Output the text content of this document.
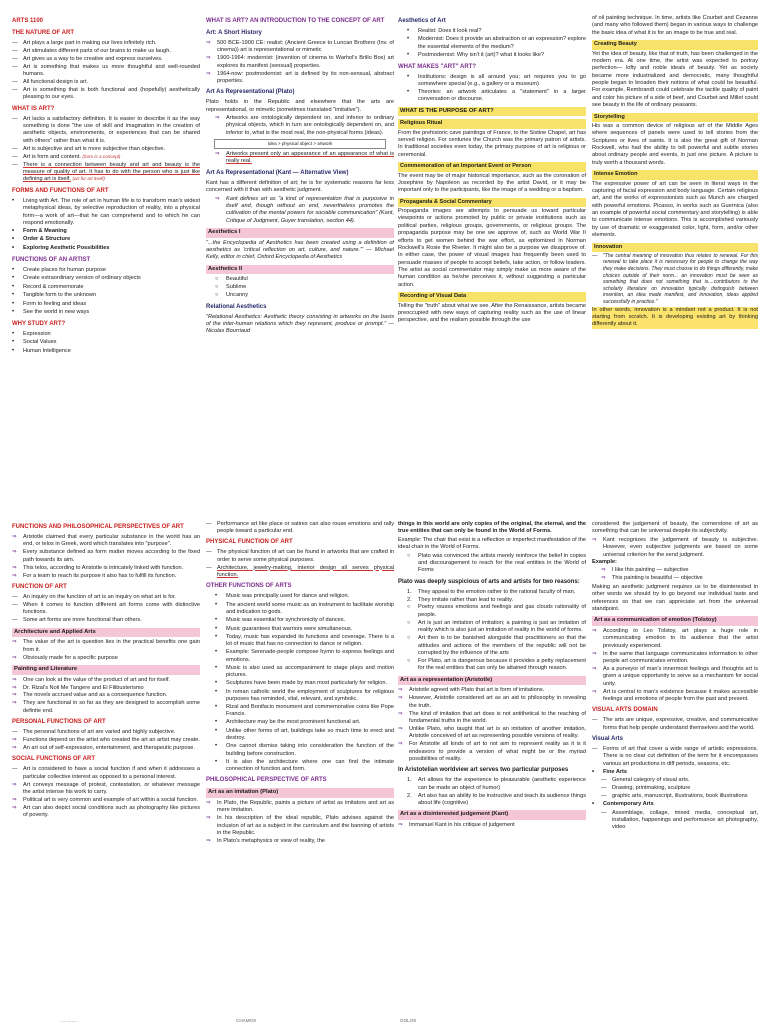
ARTS 1100
THE NATURE OF ART
— Art plays a large part in making our lives infinitely rich.
— Art stimulates different parts of our brains to make us laugh.
— Art gives us a way to be creative and express ourselves.
— Art is something that makes us more thoughtful and well-rounded humans.
— All functional design is art.
— Art is something that is both functional and (hopefully) aesthetically pleasing to our eyes.
WHAT IS ART?
— Art lacks a satisfactory definition. It is easier to describe it as the way something is done "the use of skill and imagination in the creation of aesthetic objects, environments, or experiences that can be shared with others" rather than what it is.
— Art is subjective and art is more subjective than objective.
— Art is form and content. (form is a concept)
— There is a connection between beauty and art and beauty is the measure of quality of art. It has to do with the person who is just like defining art is itself. (art for art itself)
FORMS AND FUNCTIONS OF ART
•	Living with Art. The role of art in human life is to transform man's widest metaphysical ideas, by selective reproduction of reality, into a physical form—a work of art—that he can comprehend and to which he can respond emotionally.
•	Form & Meaning
•	Order & Structure
•	Exploring Aesthetic Possibilities
FUNCTIONS OF AN ARTIST
•	Create places for human purpose
•	Create extraordinary version of ordinary objects
•	Record & commemorate
•	Tangible form to the unknown
•	Form to feeling and ideas
•	See the world in new ways
WHY STUDY ART?
•	Expression
•	Social Values
•	Human Intelligence
WHAT IS ART? AN INTRODUCTION TO THE CONCEPT OF ART
Art: A Short History
⇒	500 BCE-1900 CE: realist: (Ancient Greece to Luncan Brothers (Inv. of cinema)) art is representational or mimetic
⇒	1900-1964: modernist: (invention of cinema to Warhol's Brillo Box) art explores its manifest (sensual) properties.
⇒	1964-now: postmodernist: art is defined by its non-sensual, abstract properties.
Art As Representational (Plato)
Plato holds in the Republic and elsewhere that the arts are representational, or mimetic (sometimes translated "imitative").
⇒	Artworks are ontologically dependent on, and inferior to ordinary physical objects, which in turn are ontologically dependent on, and inferior to, what is the most real, the non-physical forms (ideas).
Idea > physical object > artwork
⇒	Artworks present only an appearance of an appearance of what is really real.
Art As Representational (Kant — Alternative View)
Kant has a different definition of art; he is for systematic reasons far less concerned with it than with aesthetic judgment.
⇒	Kant defines art as "a kind of representation that is purposive in itself and, though without an end, nevertheless promotes the cultivation of the mental powers for sociable communication" (Kant, Critique of Judgment, Guyer translation, section 44).
Aesthetics I
"...the Encyclopedia of Aesthetics has been created using a definition of aesthetics as 'critical reflection on art, culture, and nature.'" — Michael Kelly, editor in chief, Oxford Encyclopedia of Aesthetics
Aesthetics II
○	Beautiful
○	Sublime
○	Uncanny
Relational Aesthetics
"Relational Aesthetics: Aesthetic theory consisting in artworks on the basis of the inter-human relations which they represent, produce or prompt." — Nicolas Bourriaud
Aesthetics of Art
•	Realist: Does it look real?
•	Modernist: Does it provide an abstraction or an expression? explore the essential elements of the medium?
•	Postmodernist: Why isn't it (art)? what it looks like?
WHAT MAKES "ART" ART?
•	Institutions: design is all around you; art requires you to go somewhere special (e.g., a gallery or a museum)
•	Theories: an artwork articulates a "statement" in a larger conversation or discourse.
WHAT IS THE PURPOSE OF ART?
Religious Ritual
From the prehistoric cave paintings of France, to the Sistine Chapel, art has served religion. For centuries the Church was the primary patron of artists. In traditional societies even today, the primary purpose of art is religious or ceremonial.
Commemoration of an Important Event or Person
The event may be of major historical importance, such as the coronation of Josephine by Napoleon as recorded by the artist David, or it may be important only to the participants, like the image of a wedding or a baptism.
Propaganda & Social Commentary
Propaganda images are attempts to persuade us toward particular viewpoints or actions promoted by public or private institutions such as political parties, religious groups, governments, or religious groups. The propaganda purpose may be one we approve of, such as World War II efforts to get women behind the war effort, as epitomized in Norman Rockwell's Rosie the Riveter. It might also be a purpose we disapprove of. In either case, the power of visual images has frequently been used to persuade masses of people to accept beliefs, take action, or follow leaders. The artist as social commentator may simply make us more aware of the human condition as he/she perceives it, without suggesting a particular action.
Recording of Visual Data
Telling the "truth" about what we see. After the Renaissance, artists became preoccupied with new ways of capturing reality such as the use of linear perspective, and the realism possible through the use
of oil painting technique. In time, artists like Courbet and Cezanne (and many who followed them) began in various ways to challenge the basic idea of what it is for an image to be true and real.
Creating Beauty
Yet the idea of beauty, like that of truth, has been challenged in the modern era. At one time, the artist was expected to portray perfection— lofty and noble ideals of beauty. Yet as society became more industrialized and democratic, many thoughtful people began to broaden their notions of what could be beautiful. For example, Rembrandt could celebrate the tactile quality of paint and color his picture of a side of beef, and Courbet and Millet could see beauty in the life of ordinary peasants.
Storytelling
His was a common device of religious art of the Middle Ages where sequences of panels were used to tell stories from the Scriptures or lives of saints. It is also the great gift of Norman Rockwell, who had the ability to tell powerful and subtle stories about ordinary people and events, in just one picture. A picture is truly worth a thousand words.
Intense Emotion
The expressive power of art can be seen in literal ways in the capturing of facial expression and body language. Certain religious art, and the works of expressionists such as Munch are charged with powerful emotions. Picasso, in works such as Guernica (also an example of powerful social commentary and storytelling) is able to communicate intense emotions. This is accomplished variously by use of dramatic or exaggerated color, light, form, and/or other elements.
Innovation
—	"The central meaning of innovation thus relates to renewal. For this renewal to take place it is necessary for people to change the way they make decisions. They must choose to do things differently, make choices outside of their norm... an innovation must be seen as something that does not something that is....contributors to the scholarly literature on innovation typically distinguish between invention, an idea made manifest, and innovation, ideas applied successfully in practice."
In other words, innovation is a mindset not a product. It is not starting from scratch. It is developing existing art by thinking differently about it.
FUNCTIONS AND PHILOSOPHICAL PERSPECTIVES OF ART
⇒	Aristotle claimed that every particular substance in the world has an end, or telos in Greek, word which translates into "purpose".
⇒	Every substance defined as form matter moves according to the fixed path towards its aim.
⇒	This telos, according to Aristotle is intricately linked with function.
⇒	For a team to reach its purpose it also has to fulfill its function.
FUNCTION OF ART
— An inquiry on the function of art is an inquiry on what art is for.
— When it comes to function different art forms come with distinctive functions.
— Some art forms are more functional than others.
Architecture and Applied Arts
⇒	The value of the art is question lies in the practical benefits one gain from it.
⇒	Obviously made for a specific purpose
Painting and Literature
⇒	One can look at the value of the product of art and for itself.
⇒	Dr. Rizal's Noli Me Tangere and El Filibusterismo
⇒	The novels accrued value and as a consequence function.
⇒	They are functional in so far as they are designed to accomplish some definite end.
PERSONAL FUNCTIONS OF ART
— The personal functions of art are varied and highly subjective.
⇒	Functions depend on the artist who created the art an artist may create.
⇒	An art out of self-expression, entertainment, and therapeutic purpose.
SOCIAL FUNCTIONS OF ART
— Art is considered to have a social function if and when it addresses a particular collective interest as opposed to a personal interest.
⇒	Art conveys message of protest, contestation, or whatever message the artist intense his work to carry.
⇒	Political art is very common and example of art within a social function.
⇒	Art can also depict social conditions such as photography like pictures of poverty.
— Performance art like place or satires can also rouse emotions and rally people toward a particular end.
PHYSICAL FUNCTION OF ART
— The physical function of art can be found in artworks that are crafted in order to serve some physical purposes.
— Architecture, jewelry-making, interior design all serves physical function.
OTHER FUNCTIONS OF ARTS
•	Music was principally used for dance and religion.
•	The ancient world some music as an instrument to facilitate worship and indication to gods.
•	Music was essential for synchronicity of dances.
•	Music guarantees that warriors were simultaneous.
•	Today, music has expanded its functions and coverage. There is a lot of music that has no connection to dance or religion.
•	Example: Serenade-people compose hymn to express feelings and emotions.
•	Music is also used as accompaniment to stage plays and motion pictures.
•	Sculptures have been made by man most particularly for religion.
•	In roman catholic world the employment of sculptures for religious purposes has reminded, vital, relevant, and symbolic.
•	Rizal and Bonifacio monument and commemorative coins like Pope Francis.
•	Architecture may be the most prominent functional art.
•	Unlike other forms of art, buildings take so much time to erect and destroy.
•	One cannot dismiss taking into consideration the function of the building before construction.
•	It is also the architecture where one can find the intimate connection of function and form.
PHILOSOPHICAL PERSPECTIVE OF ARTS
Art as an imitation (Plato)
⇒	In Plato, the Republic, paints a picture of artist as imitators and art as mere imitation.
⇒	In his description of the ideal republic, Plato advises against the inclusion of art as a subject in the curriculum and the banning of artists in the Republic.
⇒	In Plato's metaphysics or view of reality, the
things in this world are only copies of the original, the eternal, and the true entities that can only be found in the World of Forms.
Example: The chair that exist is a reflection or imperfect manifestation of the ideal chair in the World of Forms.
○	Plato was convinced the artists merely reinforce the belief in copies and discouragement to reach for the real entities in the World of Forms
Plato was deeply suspicious of arts and artists for two reasons:
1.	They appeal to the emotion rather to the rational faculty of man.
2.	They imitate rather than lead to reality.
○	Poetry rouses emotions and feelings and gas clouds rationality of people.
○	Art is just an imitation of imitation; a painting is just an imitation of reality which is also just an imitation of reality in the world of forms.
○	Art then is to be banished alongside that practitioners so that the attitudes and actions of the members of the republic will not be corrupted by the influence of the arts
○	For Plato, art is dangerous because it provides a petty replacement for the real entities that can only be attained through reason.
Art as a representation (Aristotle)
⇒	Aristotle agreed with Plato that art is form of imitations.
⇒	However, Aristotle considered art as an aid to philosophy in revealing the truth.
⇒	The kind of imitation that art does is not antithetical to the reaching of fundamental truths in the world.
⇒	Unlike Plato, who taught that art is an imitation of another imitation, Aristotle conceived of art as representing possible versions of reality.
⇒	For Aristotle all kinds of art to not aim to represent reality as it is it endeavors to provide a version of what might be or the myriad possibilities of reality.
In Aristotelian worldview art serves two particular purposes
1.	Art allows for the experience to pleasurable (aesthetic experience can be made an object of humor)
2.	Art also has an ability to be instructive and teach its audience things about life (cognitive)
Art as a disinterested judgement (Kant)
⇒	Immanuel Kant in his critique of judgement
considered the judgement of beauty, the cornerstone of art as something that can be universal despite its subjectivity.
⇒	Kant recognizes the judgement of beauty is subjective. However, even subjective judgments are based on some universal criterion for the send judgment.
Example:
⇒	I like this painting — subjective
⇒	This painting is beautiful — objective
Making an aesthetic judgment requires us to be disinterested in other words we should try to go beyond our individual taste and references so that we can appreciate art from the universal standpoint.
Art as a communication of emotion (Tolstoy)
⇒	According to Leo Tolstoy, art plays a huge role in communicating emotion to its audience that the artist previously experienced.
⇒	In the same that language communicates information to other people art communicates emotion.
⇒	As a purveyor of man's innermost feelings and thoughts art is given a unique opportunity to serve as a mechanism for social unity.
⇒	Art is central to man's existence because it makes accessible feelings and emotions of people from the past and present.
VISUAL ARTS DOMAIN
— The arts are unique, expressive, creative, and communicative forms that help people understand themselves and the world.
Visual Arts
— Forms of art that cover a wide range of artistic expressions. There is no clear cut definition of the term for it encompasses various art productions in diff periods, seasons, etc.
•	Fine Arts
— General category of visual arts.
— Drawing, printmaking, sculpture
— graphic arts, manuscript, illustrations, book illustrations
•	Contemporary Arts
— Assemblage, collage, mixed media, conceptual art, installation, happenings and performance art photography, video
..............	CHAMOS	GOLOS
